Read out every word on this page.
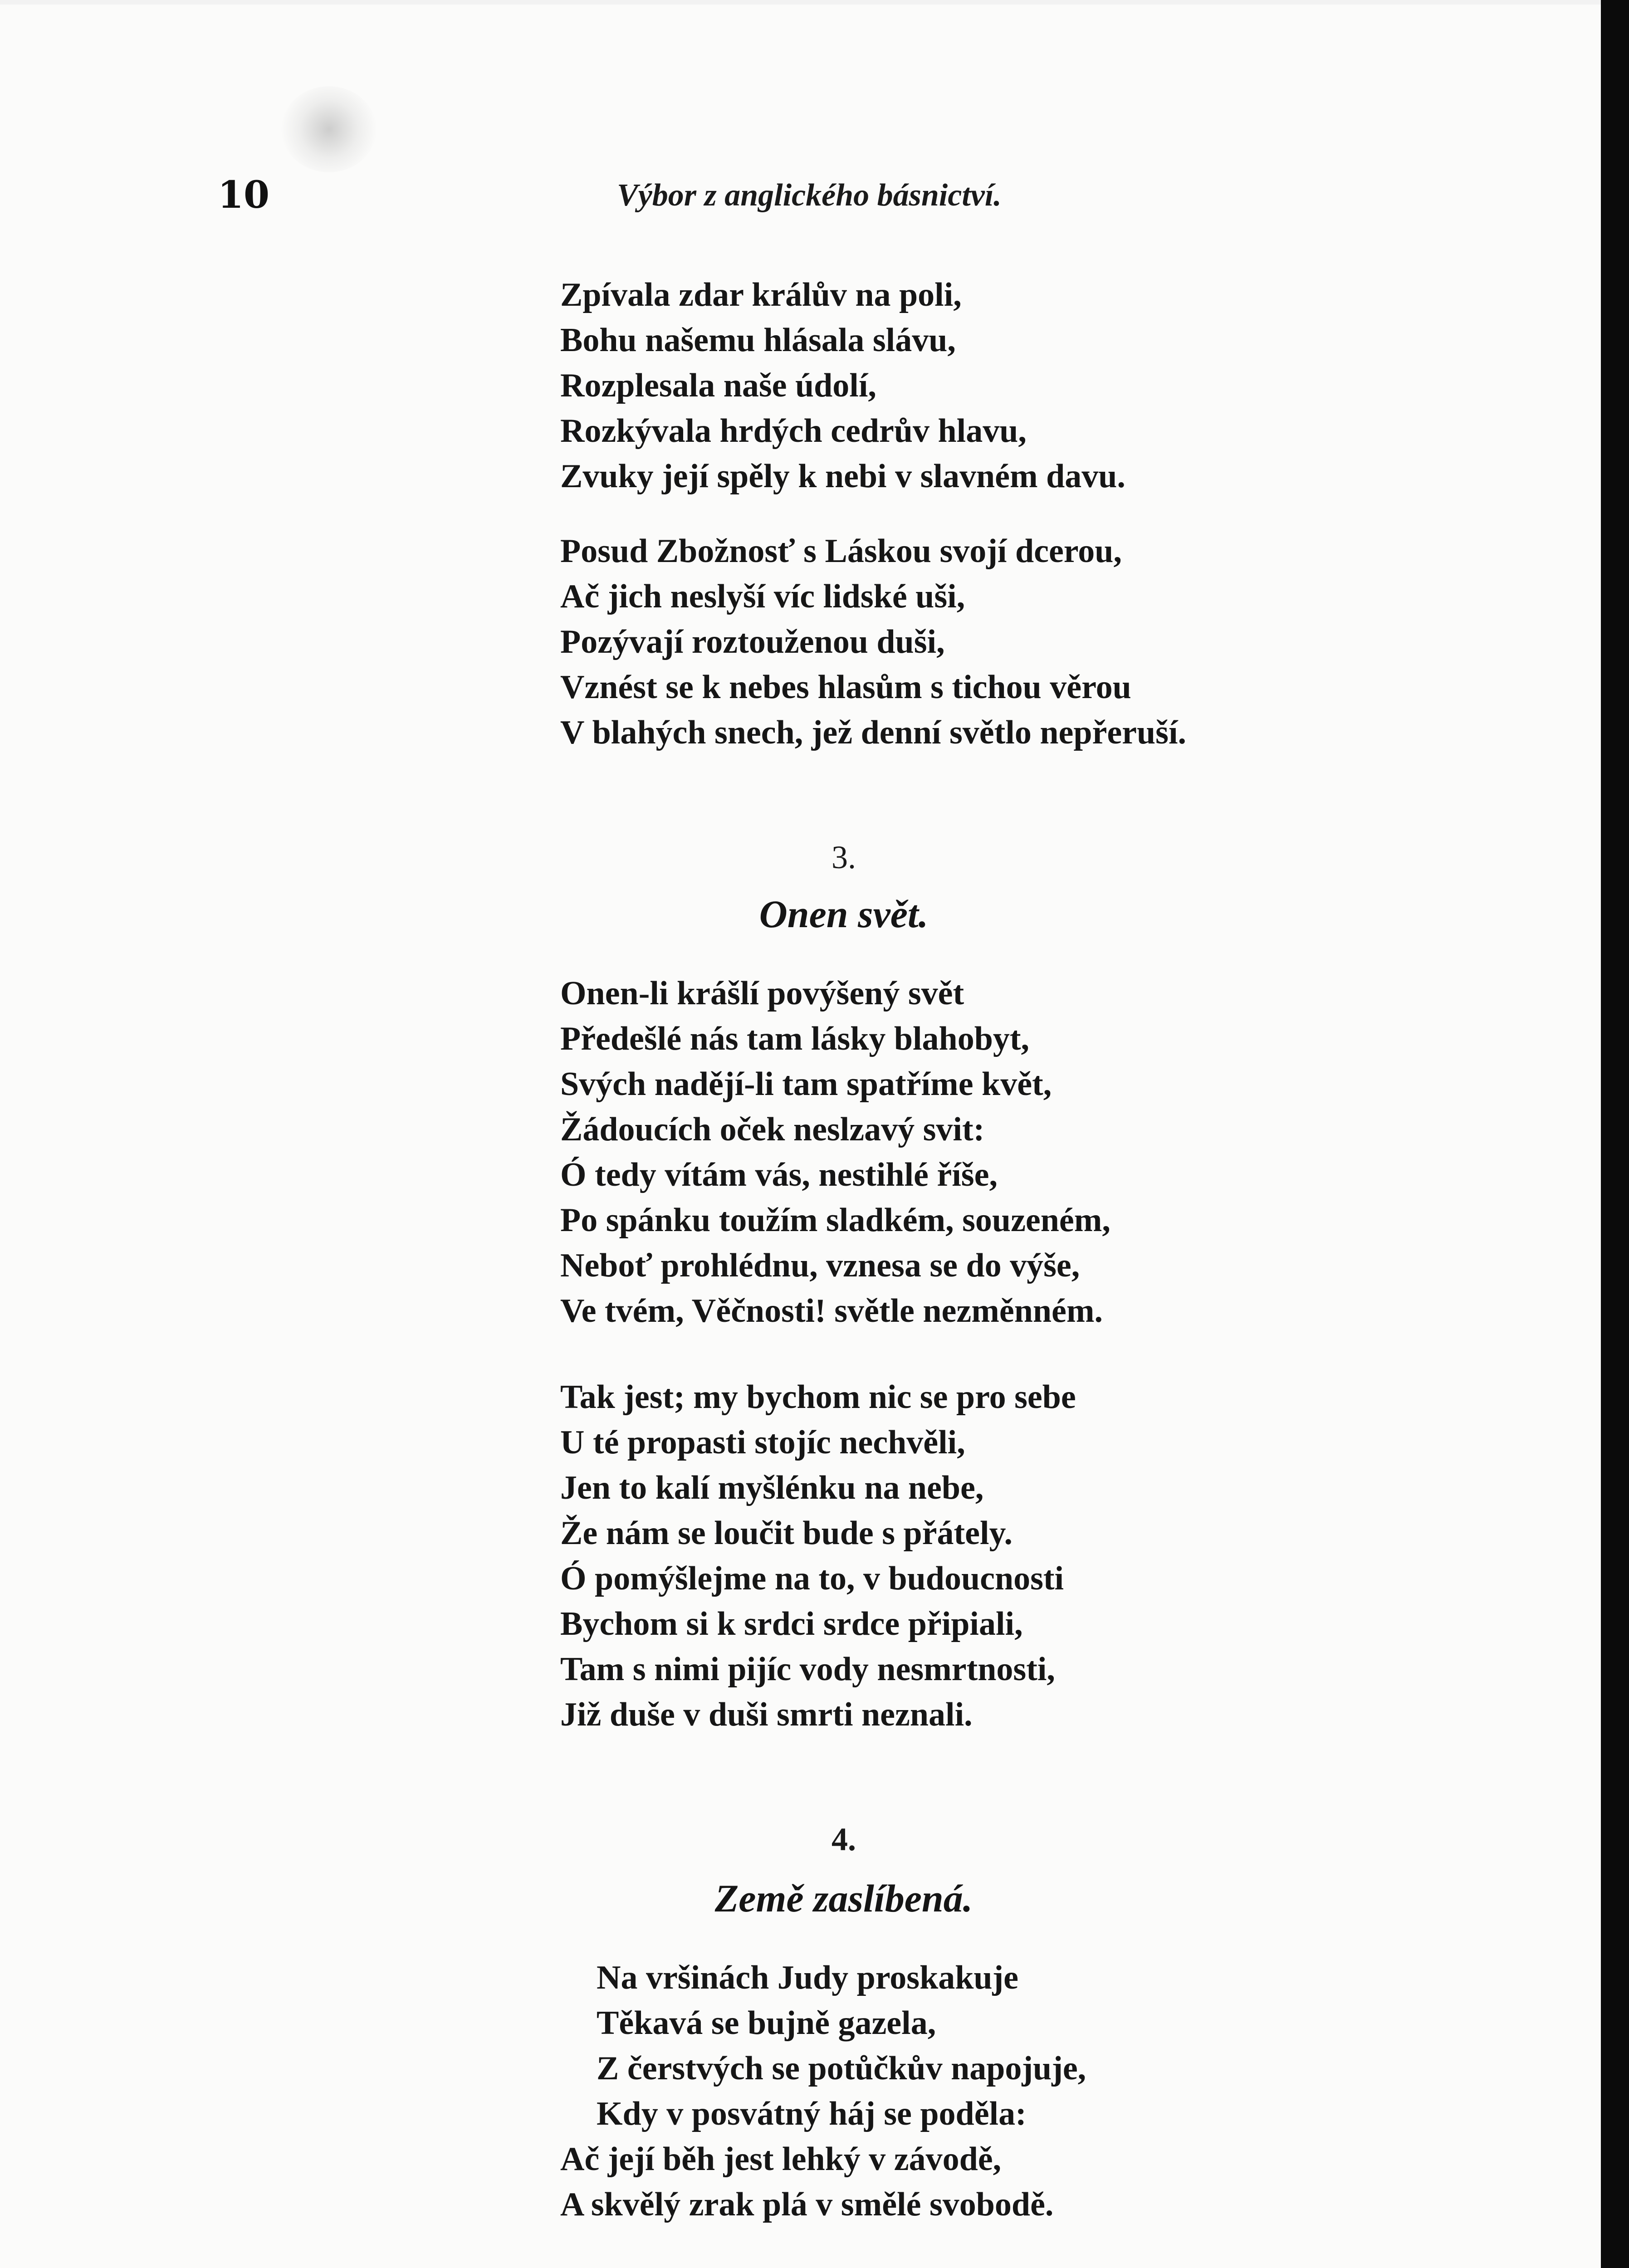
10	Výbor z anglického básnictví.
Zpívala zdar králův na poli,
Bohu našemu hlásala slávu,
Rozplesala naše údolí,
Rozkývala hrdých cedrův hlavu,
Zvuky její spěly k nebi v slavném davu.
Posud Zbožnosť s Láskou svojí dcerou,
Ač jich neslyší víc lidské uši,
Pozývají roztouženou duši,
Vznést se k nebes hlasům s tichou věrou
V blahých snech, jež denní světlo nepřeruší.
3.
Onen svět.
Onen-li krášlí povýšený svět
Předešlé nás tam lásky blahobyt,
Svých nadějí-li tam spatříme květ,
Žádoucích oček neslzavý svit:
Ó tedy vítám vás, nestihlé říše,
Po spánku toužím sladkém, souzeném,
Neboť prohlédnu, vznesa se do výše,
Ve tvém, Věčnosti! světle nezměnném.
Tak jest; my bychom nic se pro sebe
U té propasti stojíc nechvěli,
Jen to kalí myšlénku na nebe,
Že nám se loučit bude s přátely.
Ó pomýšlejme na to, v budoucnosti
Bychom si k srdci srdce připiali,
Tam s nimi pijíc vody nesmrtnosti,
Již duše v duši smrti neznali.
4.
Země zaslíbená.
Na vršinách Judy proskakuje
Těkavá se bujně gazela,
Z čerstvých se potůčkův napojuje,
Kdy v posvátný háj se poděla:
Ač její běh jest lehký v závodě,
A skvělý zrak plá v smělé svobodě.
